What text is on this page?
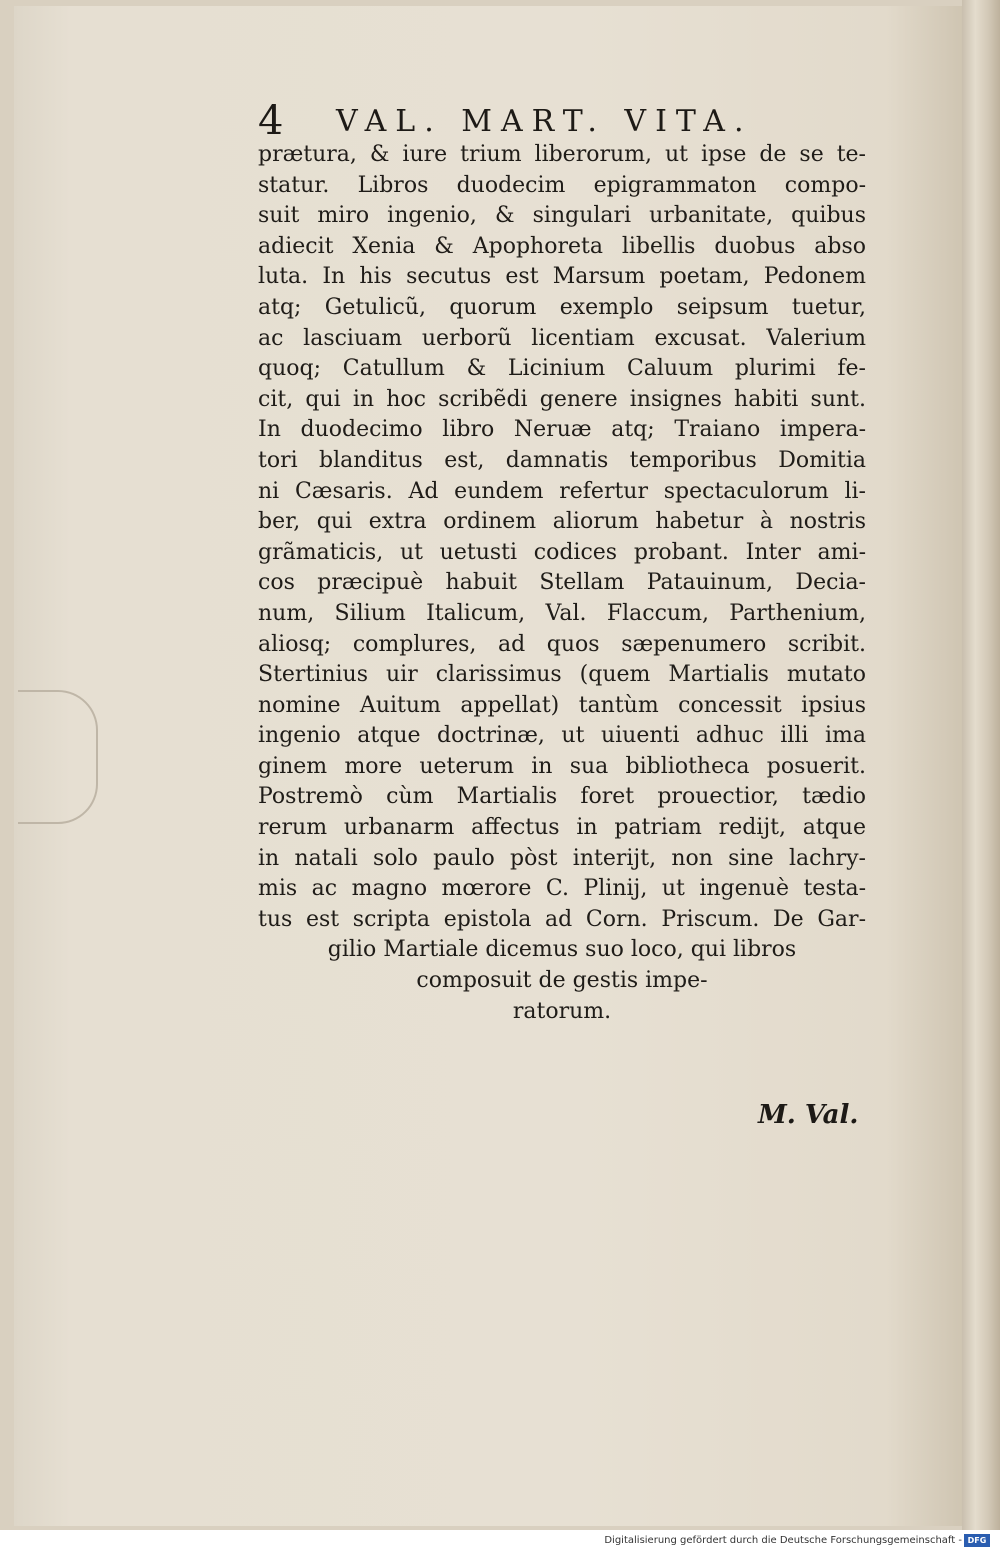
4 VAL. MART. VITA.
prætura, & iure trium liberorum, ut ipse de se te-
statur. Libros duodecim epigrammaton compo-
suit miro ingenio, & singulari urbanitate, quibus
adiecit Xenia & Apophoreta libellis duobus abso
luta. In his secutus est Marsum poetam, Pedonem
atq; Getulicũ, quorum exemplo seipsum tuetur,
ac lasciuam uerborũ licentiam excusat. Valerium
quoq; Catullum & Licinium Caluum plurimi fe-
cit, qui in hoc scribẽdi genere insignes habiti sunt.
In duodecimo libro Neruæ atq; Traiano impera-
tori blanditus est, damnatis temporibus Domitia
ni Cæsaris. Ad eundem refertur spectaculorum li-
ber, qui extra ordinem aliorum habetur à nostris
grãmaticis, ut uetusti codices probant. Inter ami-
cos præcipuè habuit Stellam Patauinum, Decia-
num, Silium Italicum, Val. Flaccum, Parthenium,
aliosq; complures, ad quos sæpenumero scribit.
Stertinius uir clarissimus (quem Martialis mutato
nomine Auitum appellat) tantùm concessit ipsius
ingenio atque doctrinæ, ut uiuenti adhuc illi ima
ginem more ueterum in sua bibliotheca posuerit.
Postremò cùm Martialis foret prouectior, tædio
rerum urbanarm affectus in patriam redijt, atque
in natali solo paulo pòst interijt, non sine lachry-
mis ac magno mœrore C. Plinij, ut ingenuè testa-
tus est scripta epistola ad Corn. Priscum. De Gar-
gilio Martiale dicemus suo loco, qui libros
composuit de gestis impe-
ratorum.
M. Val.
Digitalisierung gefördert durch die Deutsche Forschungsgemeinschaft - DFG
